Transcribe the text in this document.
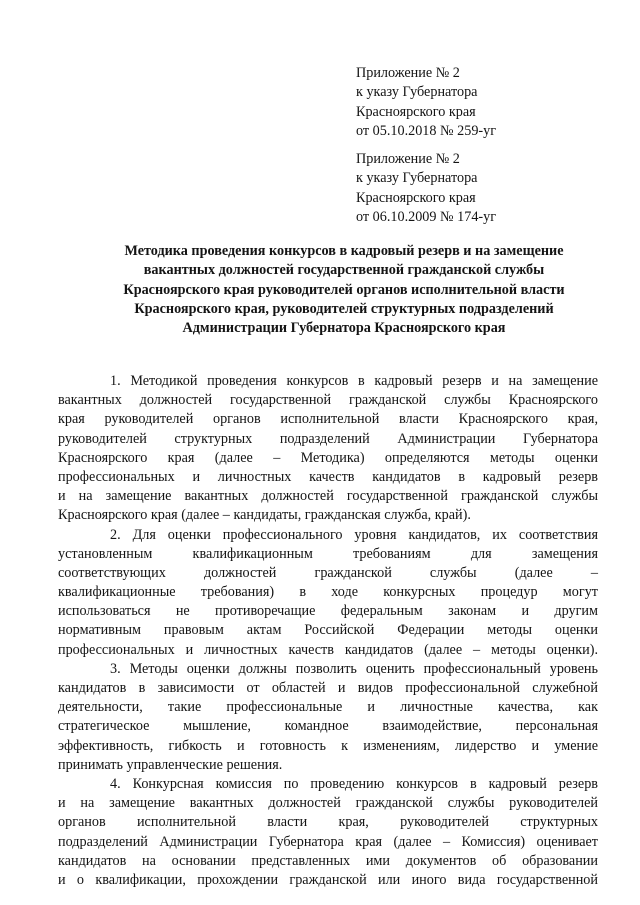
Приложение № 2
к указу Губернатора
Красноярского края
от 05.10.2018 № 259-уг
Приложение № 2
к указу Губернатора
Красноярского края
от 06.10.2009 № 174-уг
Методика проведения конкурсов в кадровый резерв и на замещение
вакантных должностей государственной гражданской службы
Красноярского края руководителей органов исполнительной власти
Красноярского края, руководителей структурных подразделений
Администрации Губернатора Красноярского края
1. Методикой проведения конкурсов в кадровый резерв и на замещение
вакантных должностей государственной гражданской службы Красноярского
края руководителей органов исполнительной власти Красноярского края,
руководителей структурных подразделений Администрации Губернатора
Красноярского края (далее – Методика) определяются методы оценки
профессиональных и личностных качеств кандидатов в кадровый резерв
и на замещение вакантных должностей государственной гражданской службы
Красноярского края (далее – кандидаты, гражданская служба, край).
2. Для оценки профессионального уровня кандидатов, их соответствия
установленным квалификационным требованиям для замещения
соответствующих должностей гражданской службы (далее –
квалификационные требования) в ходе конкурсных процедур могут
использоваться не противоречащие федеральным законам и другим
нормативным правовым актам Российской Федерации методы оценки
профессиональных и личностных качеств кандидатов (далее – методы оценки).
3. Методы оценки должны позволить оценить профессиональный уровень
кандидатов в зависимости от областей и видов профессиональной служебной
деятельности, такие профессиональные и личностные качества, как
стратегическое мышление, командное взаимодействие, персональная
эффективность, гибкость и готовность к изменениям, лидерство и умение
принимать управленческие решения.
4. Конкурсная комиссия по проведению конкурсов в кадровый резерв
и на замещение вакантных должностей гражданской службы руководителей
органов исполнительной власти края, руководителей структурных
подразделений Администрации Губернатора края (далее – Комиссия) оценивает
кандидатов на основании представленных ими документов об образовании
и о квалификации, прохождении гражданской или иного вида государственной
